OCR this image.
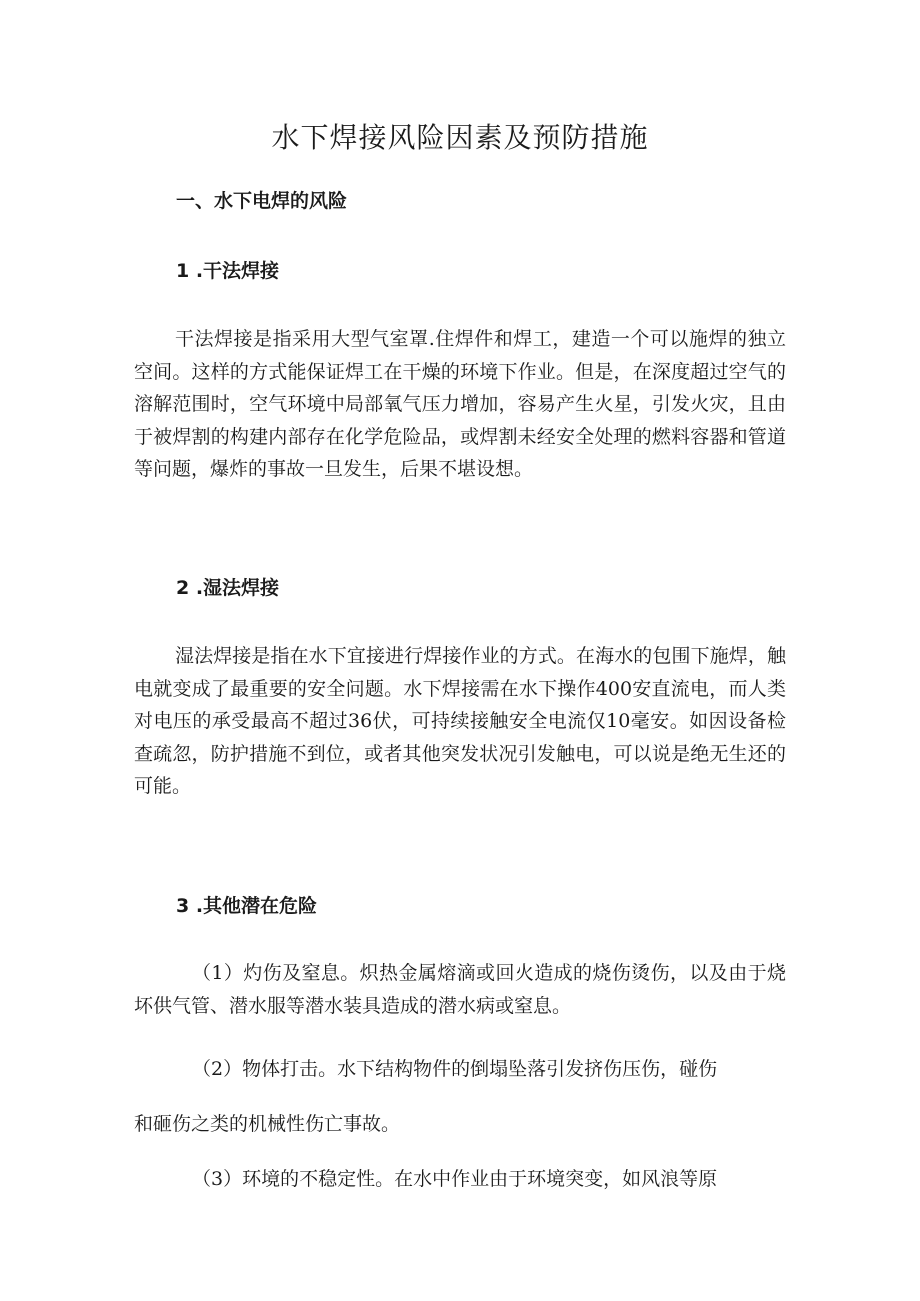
水下焊接风险因素及预防措施
一、水下电焊的风险
1 .干法焊接

干法焊接是指采用大型气室罩.住焊件和焊工，建造一个可以施焊的独立空间。这样的方式能保证焊工在干燥的环境下作业。但是，在深度超过空气的溶解范围时，空气环境中局部氧气压力增加，容易产生火星，引发火灾，且由于被焊割的构建内部存在化学危险品，或焊割未经安全处理的燃料容器和管道等问题，爆炸的事故一旦发生，后果不堪设想。

2 .湿法焊接

湿法焊接是指在水下宜接进行焊接作业的方式。在海水的包围下施焊，触电就变成了最重要的安全问题。水下焊接需在水下操作400安直流电，而人类对电压的承受最高不超过36伏，可持续接触安全电流仅10毫安。如因设备检查疏忽，防护措施不到位，或者其他突发状况引发触电，可以说是绝无生还的可能。

3 .其他潜在危险

（1）灼伤及窒息。炽热金属熔滴或回火造成的烧伤烫伤，以及由于烧坏供气管、潜水服等潜水装具造成的潜水病或窒息。

（2）物体打击。水下结构物件的倒塌坠落引发挤伤压伤，碰伤

和砸伤之类的机械性伤亡事故。

（3）环境的不稳定性。在水中作业由于环境突变，如风浪等原
